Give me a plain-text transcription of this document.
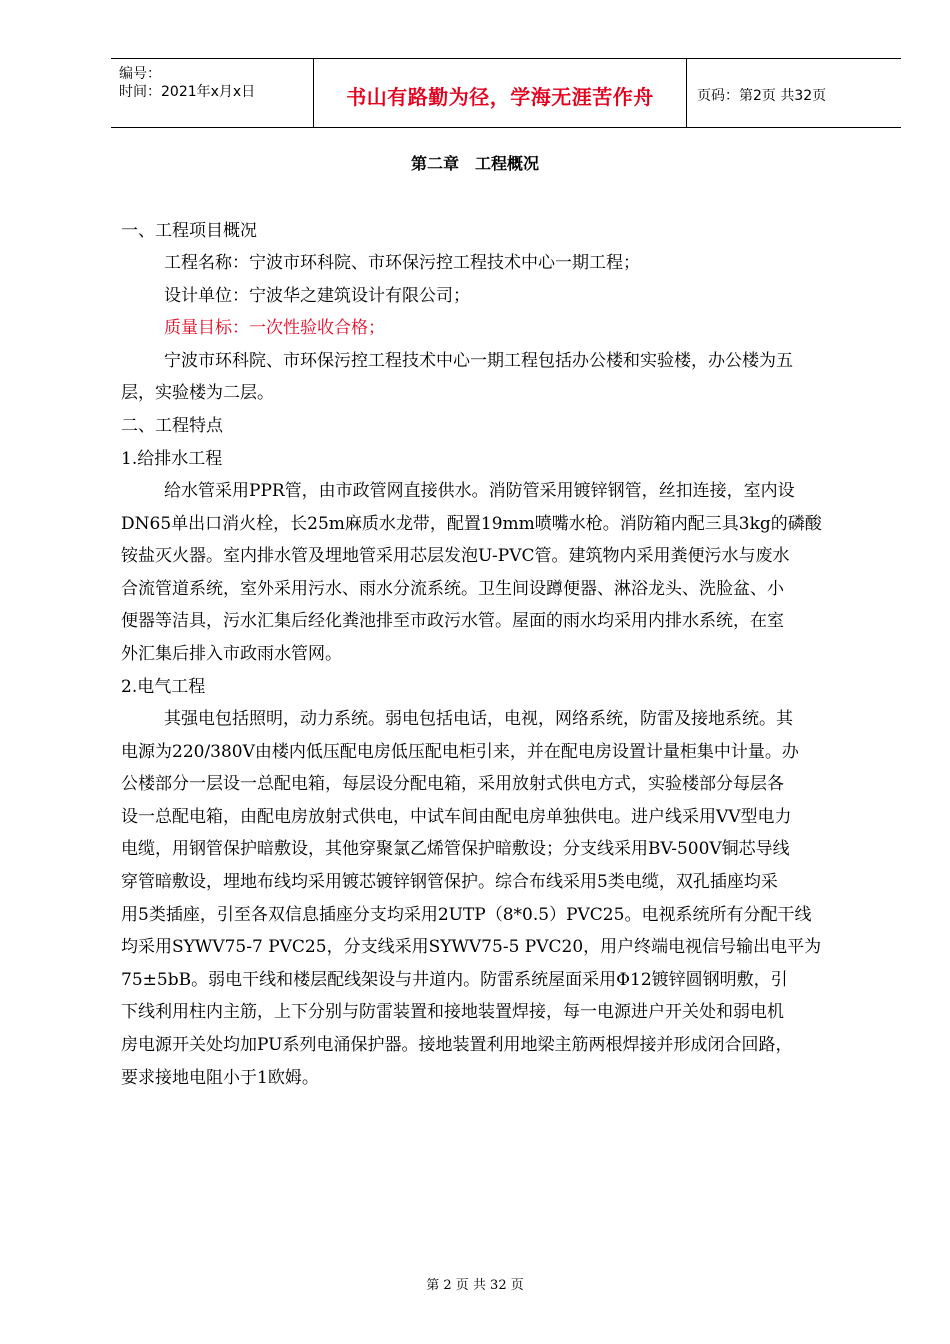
编号：
时间：2021年x月x日	书山有路勤为径，学海无涯苦作舟	页码：第2页 共32页
第二章　工程概况
一、工程项目概况
工程名称：宁波市环科院、市环保污控工程技术中心一期工程；
设计单位：宁波华之建筑设计有限公司；
质量目标：一次性验收合格；
宁波市环科院、市环保污控工程技术中心一期工程包括办公楼和实验楼，办公楼为五
层，实验楼为二层。
二、工程特点
1.给排水工程
给水管采用PPR管，由市政管网直接供水。消防管采用镀锌钢管，丝扣连接，室内设
DN65单出口消火栓，长25m麻质水龙带，配置19mm喷嘴水枪。消防箱内配三具3kg的磷酸
铵盐灭火器。室内排水管及埋地管采用芯层发泡U-PVC管。建筑物内采用粪便污水与废水
合流管道系统，室外采用污水、雨水分流系统。卫生间设蹲便器、淋浴龙头、洗脸盆、小
便器等洁具，污水汇集后经化粪池排至市政污水管。屋面的雨水均采用内排水系统，在室
外汇集后排入市政雨水管网。
2.电气工程
其强电包括照明，动力系统。弱电包括电话，电视，网络系统，防雷及接地系统。其
电源为220/380V由楼内低压配电房低压配电柜引来，并在配电房设置计量柜集中计量。办
公楼部分一层设一总配电箱，每层设分配电箱，采用放射式供电方式，实验楼部分每层各
设一总配电箱，由配电房放射式供电，中试车间由配电房单独供电。进户线采用VV型电力
电缆，用钢管保护暗敷设，其他穿聚氯乙烯管保护暗敷设；分支线采用BV-500V铜芯导线
穿管暗敷设，埋地布线均采用镀芯镀锌钢管保护。综合布线采用5类电缆，双孔插座均采
用5类插座，引至各双信息插座分支均采用2UTP（8*0.5）PVC25。电视系统所有分配干线
均采用SYWV75-7 PVC25，分支线采用SYWV75-5 PVC20，用户终端电视信号输出电平为
75±5bB。弱电干线和楼层配线架设与井道内。防雷系统屋面采用Φ12镀锌圆钢明敷，引
下线利用柱内主筋，上下分别与防雷装置和接地装置焊接，每一电源进户开关处和弱电机
房电源开关处均加PU系列电涌保护器。接地装置利用地梁主筋两根焊接并形成闭合回路，
要求接地电阻小于1欧姆。
第 2 页 共 32 页
